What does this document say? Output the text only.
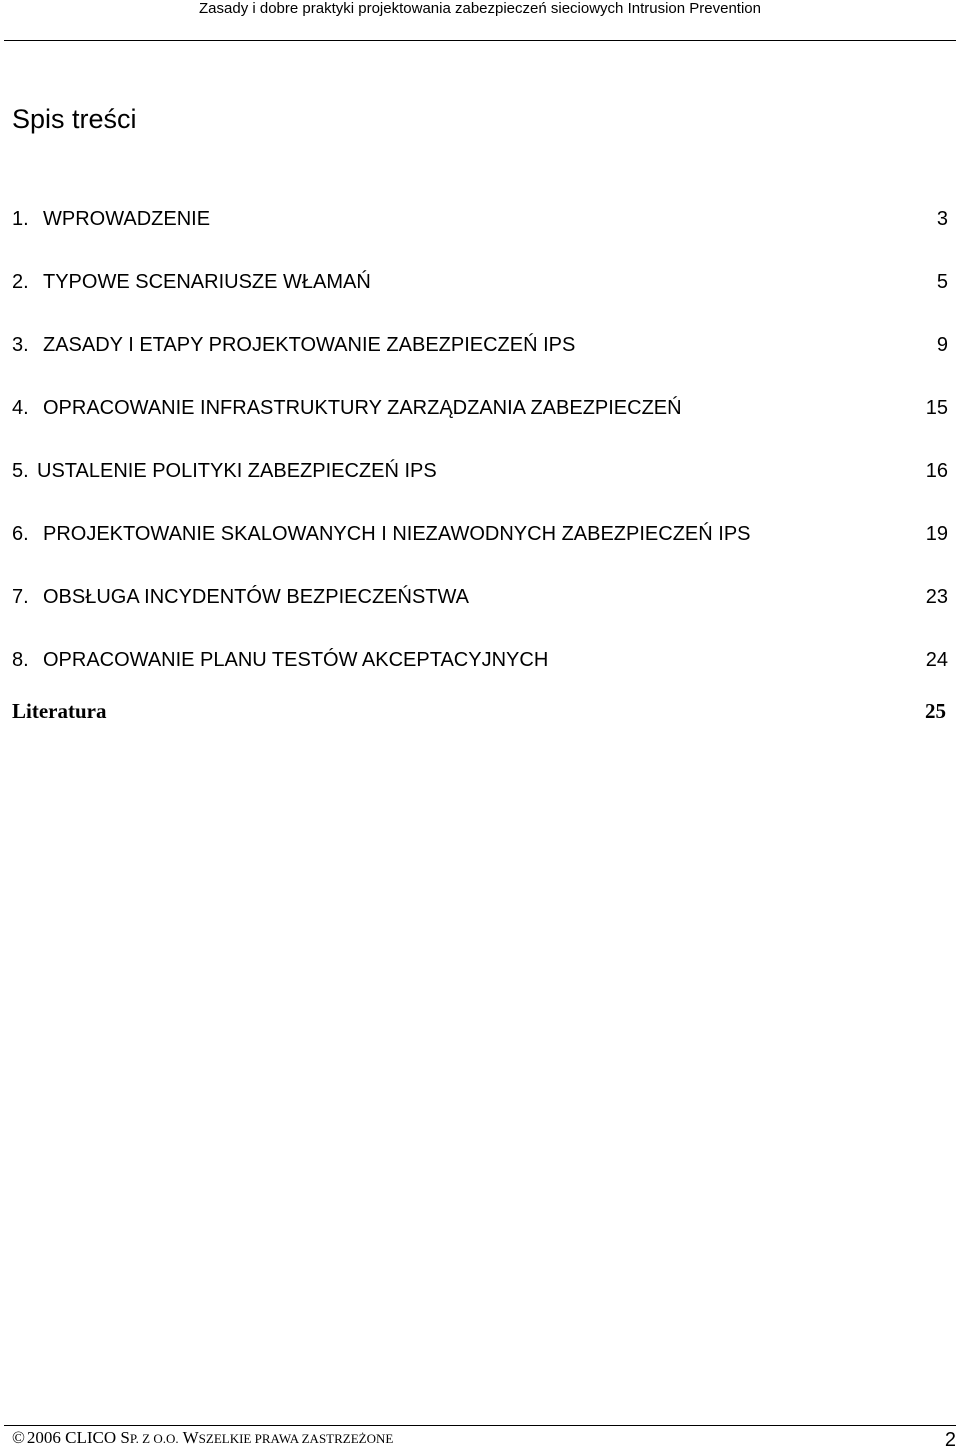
Zasady i dobre praktyki projektowania zabezpieczeń sieciowych Intrusion Prevention
Spis treści
1. WPROWADZENIE	3
2. TYPOWE SCENARIUSZE WŁAMAŃ	5
3. ZASADY I ETAPY PROJEKTOWANIE ZABEZPIECZEŃ IPS	9
4. OPRACOWANIE INFRASTRUKTURY ZARZĄDZANIA ZABEZPIECZEŃ	15
5. USTALENIE POLITYKI ZABEZPIECZEŃ IPS	16
6. PROJEKTOWANIE SKALOWANYCH I NIEZAWODNYCH ZABEZPIECZEŃ IPS	19
7. OBSŁUGA INCYDENTÓW BEZPIECZEŃSTWA	23
8. OPRACOWANIE PLANU TESTÓW AKCEPTACYJNYCH	24
Literatura	25
© 2006 CLICO SP. Z O.O. WSZELKIE PRAWA ZASTRZEŻONE	2
